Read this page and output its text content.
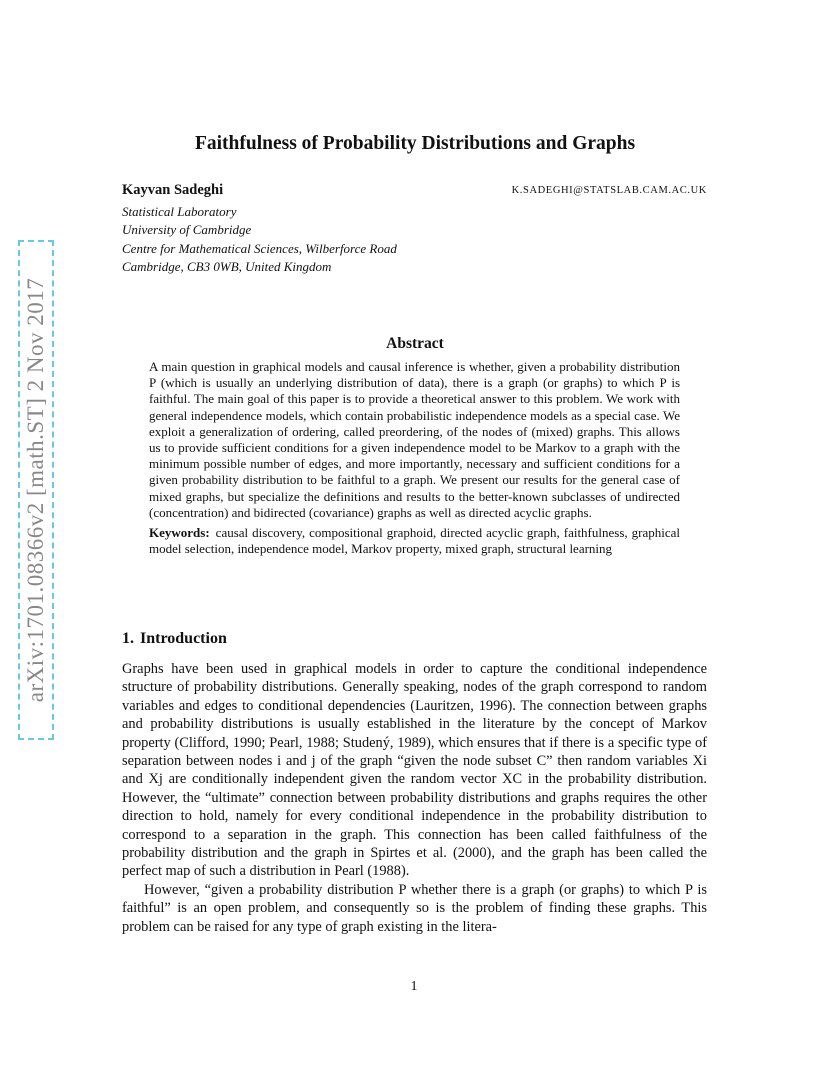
arXiv:1701.08366v2 [math.ST] 2 Nov 2017
Faithfulness of Probability Distributions and Graphs
Kayvan Sadeghi	K.SADEGHI@STATSLAB.CAM.AC.UK
Statistical Laboratory
University of Cambridge
Centre for Mathematical Sciences, Wilberforce Road
Cambridge, CB3 0WB, United Kingdom
Abstract

A main question in graphical models and causal inference is whether, given a probability distribution P (which is usually an underlying distribution of data), there is a graph (or graphs) to which P is faithful. The main goal of this paper is to provide a theoretical answer to this problem. We work with general independence models, which contain probabilistic independence models as a special case. We exploit a generalization of ordering, called preordering, of the nodes of (mixed) graphs. This allows us to provide sufficient conditions for a given independence model to be Markov to a graph with the minimum possible number of edges, and more importantly, necessary and sufficient conditions for a given probability distribution to be faithful to a graph. We present our results for the general case of mixed graphs, but specialize the definitions and results to the better-known subclasses of undirected (concentration) and bidirected (covariance) graphs as well as directed acyclic graphs.

Keywords: causal discovery, compositional graphoid, directed acyclic graph, faithfulness, graphical model selection, independence model, Markov property, mixed graph, structural learning

1. Introduction

Graphs have been used in graphical models in order to capture the conditional independence structure of probability distributions. Generally speaking, nodes of the graph correspond to random variables and edges to conditional dependencies (Lauritzen, 1996). The connection between graphs and probability distributions is usually established in the literature by the concept of Markov property (Clifford, 1990; Pearl, 1988; Studený, 1989), which ensures that if there is a specific type of separation between nodes i and j of the graph “given the node subset C” then random variables Xi and Xj are conditionally independent given the random vector XC in the probability distribution. However, the “ultimate” connection between probability distributions and graphs requires the other direction to hold, namely for every conditional independence in the probability distribution to correspond to a separation in the graph. This connection has been called faithfulness of the probability distribution and the graph in Spirtes et al. (2000), and the graph has been called the perfect map of such a distribution in Pearl (1988).

However, “given a probability distribution P whether there is a graph (or graphs) to which P is faithful” is an open problem, and consequently so is the problem of finding these graphs. This problem can be raised for any type of graph existing in the litera-

1
